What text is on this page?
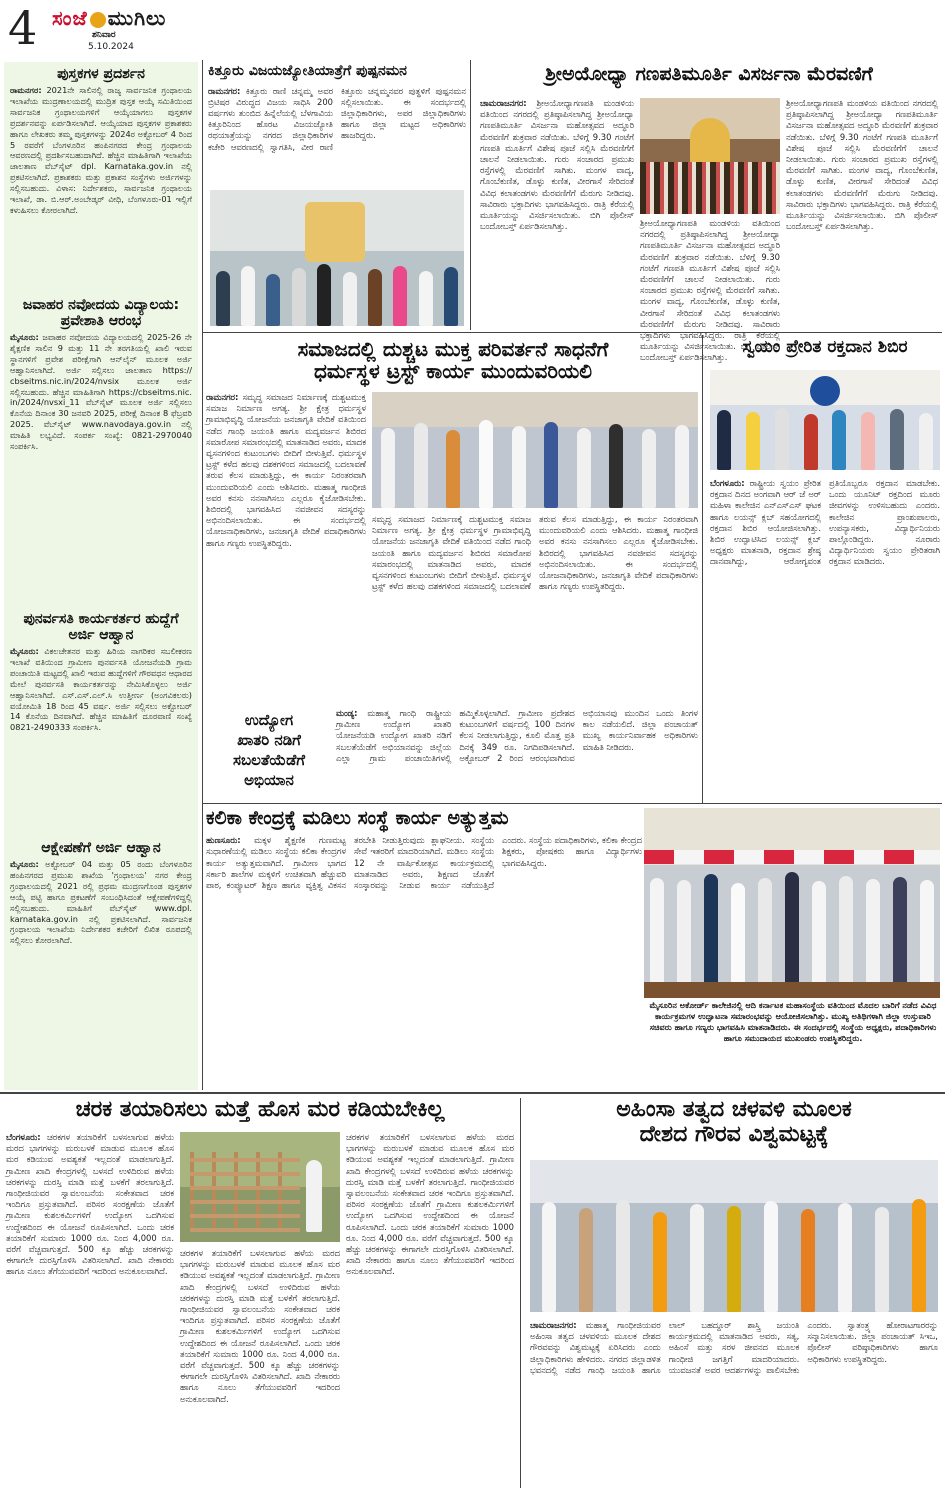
4 ಸಂಜೆ ಮುಗಿಲು
ಶನಿವಾರ
5.10.2024
ಪುಸ್ತಕಗಳ ಪ್ರದರ್ಶನ
ರಾಮನಗರ: 2021ನೇ ಸಾಲಿನಲ್ಲಿ ರಾಜ್ಯ ಸಾರ್ವಜನಿಕ ಗ್ರಂಥಾಲಯ ಇಲಾಖೆಯ ಮುದ್ರಣಾಲಯದಲ್ಲಿ ಮುದ್ರಿತ ಪುಸ್ತಕ ಆಯ್ಕೆ ಸಮಿತಿಯಿಂದ ಸಾರ್ವಜನಿಕ ಗ್ರಂಥಾಲಯಗಳಿಗೆ ಆಯ್ಕೆಯಾಗಲು ಪುಸ್ತಕಗಳ ಪ್ರದರ್ಶನವನ್ನು ಏರ್ಪಡಿಸಲಾಗಿದೆ. ಆಯ್ಕೆಯಾದ ಪುಸ್ತಕಗಳ ಪ್ರಕಾಶಕರು ಹಾಗೂ ಲೇಖಕರು ತಮ್ಮ ಪುಸ್ತಕಗಳನ್ನು 2024ರ ಅಕ್ಟೋಬರ್ 4 ರಿಂದ 5 ರವರೆಗೆ ಬೆಂಗಳೂರಿನ ಹಂಪಿನಗರದ ಕೇಂದ್ರ ಗ್ರಂಥಾಲಯ ಆವರಣದಲ್ಲಿ ಪ್ರದರ್ಶಿಸಬಹುದಾಗಿದೆ. ಹೆಚ್ಚಿನ ಮಾಹಿತಿಗಾಗಿ ಇಲಾಖೆಯ ಜಾಲತಾಣ ವೆಬ್‌ಸೈಟ್ dpl. Karnataka.gov.in ನಲ್ಲಿ ಪ್ರಕಟಿಸಲಾಗಿದೆ. ಪ್ರಕಾಶಕರು ಮತ್ತು ಪ್ರಕಾಶನ ಸಂಸ್ಥೆಗಳು ಅರ್ಜಿಗಳನ್ನು ಸಲ್ಲಿಸಬಹುದು. ವಿಳಾಸ: ನಿರ್ದೇಶಕರು, ಸಾರ್ವಜನಿಕ ಗ್ರಂಥಾಲಯ ಇಲಾಖೆ, ಡಾ. ಬಿ.ಆರ್.ಅಂಬೇಡ್ಕರ್ ವೀಧಿ, ಬೆಂಗಳೂರು-01 ಇಲ್ಲಿಗೆ ಕಳುಹಿಸಲು ಕೋರಲಾಗಿದೆ.
ಜವಾಹರ ನವೋದಯ ವಿದ್ಯಾಲಯ: ಪ್ರವೇಶಾತಿ ಆರಂಭ
ಮೈಸೂರು: ಜವಾಹರ ನವೋದಯ ವಿದ್ಯಾಲಯದಲ್ಲಿ 2025-26 ನೇ ಶೈಕ್ಷಣಿಕ ಸಾಲಿನ 9 ಮತ್ತು 11 ನೇ ತರಗತಿಯಲ್ಲಿ ಖಾಲಿ ಇರುವ ಸ್ಥಾನಗಳಿಗೆ ಪ್ರವೇಶ ಪರೀಕ್ಷೆಗಾಗಿ ಆನ್‌ಲೈನ್ ಮೂಲಕ ಅರ್ಜಿ ಆಹ್ವಾನಿಸಲಾಗಿದೆ. ಅರ್ಜಿ ಸಲ್ಲಿಸಲು ಜಾಲತಾಣ https:// cbseitms.nic.in/2024/nvsix ಮೂಲಕ ಅರ್ಜಿ ಸಲ್ಲಿಸಬಹುದು. ಹೆಚ್ಚಿನ ಮಾಹಿತಿಗಾಗಿ https://cbseitms.nic. in/2024/nvsxi_11 ವೆಬ್‌ಸೈಟ್ ಮೂಲಕ ಅರ್ಜಿ ಸಲ್ಲಿಸಲು ಕೊನೆಯ ದಿನಾಂಕ 30 ಜನವರಿ 2025, ಪರೀಕ್ಷೆ ದಿನಾಂಕ 8 ಫೆಬ್ರವರಿ 2025. ವೆಬ್‌ಸೈಟ್ www.navodaya.gov.in ನಲ್ಲಿ ಮಾಹಿತಿ ಲಭ್ಯವಿದೆ. ಸಂಪರ್ಕ ಸಂಖ್ಯೆ: 0821-2970040 ಸಂಪರ್ಕಿಸಿ.
ಪುನರ್ವಸತಿ ಕಾರ್ಯಕರ್ತರ ಹುದ್ದೆಗೆ ಅರ್ಜಿ ಆಹ್ವಾನ
ಮೈಸೂರು: ವಿಕಲಚೇತನರ ಮತ್ತು ಹಿರಿಯ ನಾಗರಿಕರ ಸಬಲೀಕರಣ ಇಲಾಖೆ ವತಿಯಿಂದ ಗ್ರಾಮೀಣ ಪುನರ್ವಸತಿ ಯೋಜನೆಯಡಿ ಗ್ರಾಮ ಪಂಚಾಯಿತಿ ಮಟ್ಟದಲ್ಲಿ ಖಾಲಿ ಇರುವ ಹುದ್ದೆಗಳಿಗೆ ಗೌರವಧನ ಆಧಾರದ ಮೇಲೆ ಪುನರ್ವಸತಿ ಕಾರ್ಯಕರ್ತರನ್ನು ನೇಮಿಸಿಕೊಳ್ಳಲು ಅರ್ಜಿ ಆಹ್ವಾನಿಸಲಾಗಿದೆ. ಎಸ್.ಎಸ್.ಎಲ್.ಸಿ ಉತ್ತೀರ್ಣ (ಅಂಗವಿಕಲರು) ವಯೋಮಿತಿ 18 ರಿಂದ 45 ವರ್ಷ. ಅರ್ಜಿ ಸಲ್ಲಿಸಲು ಅಕ್ಟೋಬರ್ 14 ಕೊನೆಯ ದಿನವಾಗಿದೆ. ಹೆಚ್ಚಿನ ಮಾಹಿತಿಗೆ ದೂರವಾಣಿ ಸಂಖ್ಯೆ 0821-2490333 ಸಂಪರ್ಕಿಸಿ.
ಆಕ್ಷೇಪಣೆಗೆ ಅರ್ಜಿ ಆಹ್ವಾನ
ಮೈಸೂರು: ಅಕ್ಟೋಬರ್ 04 ಮತ್ತು 05 ರಂದು ಬೆಂಗಳೂರಿನ ಹಂಪಿನಗರದ ಪ್ರಮುಖ ಶಾಖೆಯ 'ಗ್ರಂಥಾಲಯ' ನಗರ ಕೇಂದ್ರ ಗ್ರಂಥಾಲಯದಲ್ಲಿ 2021 ರಲ್ಲಿ ಪ್ರಥಮ ಮುದ್ರಣಗೊಂಡ ಪುಸ್ತಕಗಳ ಆಯ್ಕೆ ಪಟ್ಟಿ ಹಾಗೂ ಪ್ರಕಟಣೆಗೆ ಸಂಬಂಧಿಸಿದಂತೆ ಆಕ್ಷೇಪಣೆಗಳಿದ್ದಲ್ಲಿ ಸಲ್ಲಿಸಬಹುದು. ಮಾಹಿತಿಗೆ ವೆಬ್‌ಸೈಟ್ www.dpl. karnataka.gov.in ನಲ್ಲಿ ಪ್ರಕಟಿಸಲಾಗಿದೆ. ಸಾರ್ವಜನಿಕ ಗ್ರಂಥಾಲಯ ಇಲಾಖೆಯ ನಿರ್ದೇಶಕರ ಕಚೇರಿಗೆ ಲಿಖಿತ ರೂಪದಲ್ಲಿ ಸಲ್ಲಿಸಲು ಕೋರಲಾಗಿದೆ.
ಕಿತ್ತೂರು ವಿಜಯಜ್ಯೋತಿಯಾತ್ರೆಗೆ ಪುಷ್ಪನಮನ
ರಾಮನಗರ: ಕಿತ್ತೂರು ರಾಣಿ ಚನ್ನಮ್ಮ ಅವರ ಬ್ರಿಟಿಷರ ವಿರುದ್ಧದ ವಿಜಯ ಸಾಧಿಸಿ 200 ವರ್ಷಗಳು ತುಂಬಿದ ಹಿನ್ನೆಲೆಯಲ್ಲಿ ಬೆಳಗಾವಿಯ ಕಿತ್ತೂರಿನಿಂದ ಹೊರಟ ವಿಜಯಜ್ಯೋತಿ ರಥಯಾತ್ರೆಯನ್ನು ನಗರದ ಜಿಲ್ಲಾಧಿಕಾರಿಗಳ ಕಚೇರಿ ಆವರಣದಲ್ಲಿ ಸ್ವಾಗತಿಸಿ, ವೀರ ರಾಣಿ ಕಿತ್ತೂರು ಚನ್ನಮ್ಮನವರ ಪುತ್ಥಳಿಗೆ ಪುಷ್ಪನಮನ ಸಲ್ಲಿಸಲಾಯಿತು. ಈ ಸಂದರ್ಭದಲ್ಲಿ ಜಿಲ್ಲಾಧಿಕಾರಿಗಳು, ಅಪರ ಜಿಲ್ಲಾಧಿಕಾರಿಗಳು ಹಾಗೂ ಜಿಲ್ಲಾ ಮಟ್ಟದ ಅಧಿಕಾರಿಗಳು ಹಾಜರಿದ್ದರು.
ಶ್ರೀಅಯೋಧ್ಯಾ ಗಣಪತಿಮೂರ್ತಿ ವಿಸರ್ಜನಾ ಮೆರವಣಿಗೆ
ಚಾಮರಾಜನಗರ: ಶ್ರೀಅಯೋಧ್ಯಾಗಣಪತಿ ಮಂಡಳಿಯ ವತಿಯಿಂದ ನಗರದಲ್ಲಿ ಪ್ರತಿಷ್ಠಾಪಿಸಲಾಗಿದ್ದ ಶ್ರೀಅಯೋಧ್ಯಾ ಗಣಪತಿಮೂರ್ತಿ ವಿಸರ್ಜನಾ ಮಹೋತ್ಸವದ ಅದ್ಧೂರಿ ಮೆರವಣಿಗೆ ಶುಕ್ರವಾರ ನಡೆಯಿತು. ಬೆಳಿಗ್ಗೆ 9.30 ಗಂಟೆಗೆ ಗಣಪತಿ ಮೂರ್ತಿಗೆ ವಿಶೇಷ ಪೂಜೆ ಸಲ್ಲಿಸಿ ಮೆರವಣಿಗೆಗೆ ಚಾಲನೆ ನೀಡಲಾಯಿತು. ಗುರು ಸಂಚಾರದ ಪ್ರಮುಖ ರಸ್ತೆಗಳಲ್ಲಿ ಮೆರವಣಿಗೆ ಸಾಗಿತು. ಮಂಗಳ ವಾದ್ಯ, ಗೊಂಬೆಕುಣಿತ, ಡೊಳ್ಳು ಕುಣಿತ, ವೀರಗಾಸೆ ಸೇರಿದಂತೆ ವಿವಿಧ ಕಲಾತಂಡಗಳು ಮೆರವಣಿಗೆಗೆ ಮೆರುಗು ನೀಡಿದವು. ಸಾವಿರಾರು ಭಕ್ತಾದಿಗಳು ಭಾಗವಹಿಸಿದ್ದರು. ರಾತ್ರಿ ಕೆರೆಯಲ್ಲಿ ಮೂರ್ತಿಯನ್ನು ವಿಸರ್ಜಿಸಲಾಯಿತು. ಬಿಗಿ ಪೊಲೀಸ್ ಬಂದೋಬಸ್ತ್ ಏರ್ಪಡಿಸಲಾಗಿತ್ತು.
ಶ್ರೀಅಯೋಧ್ಯಾಗಣಪತಿ ಮಂಡಳಿಯ ವತಿಯಿಂದ ನಗರದಲ್ಲಿ ಪ್ರತಿಷ್ಠಾಪಿಸಲಾಗಿದ್ದ ಶ್ರೀಅಯೋಧ್ಯಾ ಗಣಪತಿಮೂರ್ತಿ ವಿಸರ್ಜನಾ ಮಹೋತ್ಸವದ ಅದ್ಧೂರಿ ಮೆರವಣಿಗೆ ಶುಕ್ರವಾರ ನಡೆಯಿತು. ಬೆಳಿಗ್ಗೆ 9.30 ಗಂಟೆಗೆ ಗಣಪತಿ ಮೂರ್ತಿಗೆ ವಿಶೇಷ ಪೂಜೆ ಸಲ್ಲಿಸಿ ಮೆರವಣಿಗೆಗೆ ಚಾಲನೆ ನೀಡಲಾಯಿತು. ಗುರು ಸಂಚಾರದ ಪ್ರಮುಖ ರಸ್ತೆಗಳಲ್ಲಿ ಮೆರವಣಿಗೆ ಸಾಗಿತು. ಮಂಗಳ ವಾದ್ಯ, ಗೊಂಬೆಕುಣಿತ, ಡೊಳ್ಳು ಕುಣಿತ, ವೀರಗಾಸೆ ಸೇರಿದಂತೆ ವಿವಿಧ ಕಲಾತಂಡಗಳು ಮೆರವಣಿಗೆಗೆ ಮೆರುಗು ನೀಡಿದವು. ಸಾವಿರಾರು ಭಕ್ತಾದಿಗಳು ಭಾಗವಹಿಸಿದ್ದರು. ರಾತ್ರಿ ಕೆರೆಯಲ್ಲಿ ಮೂರ್ತಿಯನ್ನು ವಿಸರ್ಜಿಸಲಾಯಿತು. ಬಿಗಿ ಪೊಲೀಸ್ ಬಂದೋಬಸ್ತ್ ಏರ್ಪಡಿಸಲಾಗಿತ್ತು.
ಶ್ರೀಅಯೋಧ್ಯಾಗಣಪತಿ ಮಂಡಳಿಯ ವತಿಯಿಂದ ನಗರದಲ್ಲಿ ಪ್ರತಿಷ್ಠಾಪಿಸಲಾಗಿದ್ದ ಶ್ರೀಅಯೋಧ್ಯಾ ಗಣಪತಿಮೂರ್ತಿ ವಿಸರ್ಜನಾ ಮಹೋತ್ಸವದ ಅದ್ಧೂರಿ ಮೆರವಣಿಗೆ ಶುಕ್ರವಾರ ನಡೆಯಿತು. ಬೆಳಿಗ್ಗೆ 9.30 ಗಂಟೆಗೆ ಗಣಪತಿ ಮೂರ್ತಿಗೆ ವಿಶೇಷ ಪೂಜೆ ಸಲ್ಲಿಸಿ ಮೆರವಣಿಗೆಗೆ ಚಾಲನೆ ನೀಡಲಾಯಿತು. ಗುರು ಸಂಚಾರದ ಪ್ರಮುಖ ರಸ್ತೆಗಳಲ್ಲಿ ಮೆರವಣಿಗೆ ಸಾಗಿತು. ಮಂಗಳ ವಾದ್ಯ, ಗೊಂಬೆಕುಣಿತ, ಡೊಳ್ಳು ಕುಣಿತ, ವೀರಗಾಸೆ ಸೇರಿದಂತೆ ವಿವಿಧ ಕಲಾತಂಡಗಳು ಮೆರವಣಿಗೆಗೆ ಮೆರುಗು ನೀಡಿದವು. ಸಾವಿರಾರು ಭಕ್ತಾದಿಗಳು ಭಾಗವಹಿಸಿದ್ದರು. ರಾತ್ರಿ ಕೆರೆಯಲ್ಲಿ ಮೂರ್ತಿಯನ್ನು ವಿಸರ್ಜಿಸಲಾಯಿತು. ಬಿಗಿ ಪೊಲೀಸ್ ಬಂದೋಬಸ್ತ್ ಏರ್ಪಡಿಸಲಾಗಿತ್ತು.
ಸಮಾಜದಲ್ಲಿ ದುಶ್ಚಟ ಮುಕ್ತ ಪರಿವರ್ತನೆ ಸಾಧನೆಗೆ
ಧರ್ಮಸ್ಥಳ ಟ್ರಸ್ಟ್ ಕಾರ್ಯ ಮುಂದುವರಿಯಲಿ
ರಾಮನಗರ: ಸಮೃದ್ಧ ಸಮಾಜದ ನಿರ್ಮಾಣಕ್ಕೆ ದುಶ್ಚಟಮುಕ್ತ ಸಮಾಜ ನಿರ್ಮಾಣ ಅಗತ್ಯ. ಶ್ರೀ ಕ್ಷೇತ್ರ ಧರ್ಮಸ್ಥಳ ಗ್ರಾಮಾಭಿವೃದ್ಧಿ ಯೋಜನೆಯ ಜನಜಾಗೃತಿ ವೇದಿಕೆ ವತಿಯಿಂದ ನಡೆದ ಗಾಂಧಿ ಜಯಂತಿ ಹಾಗೂ ಮದ್ಯವರ್ಜನ ಶಿಬಿರದ ಸಮಾರೋಪ ಸಮಾರಂಭದಲ್ಲಿ ಮಾತನಾಡಿದ ಅವರು, ಮಾದಕ ವ್ಯಸನಗಳಿಂದ ಕುಟುಂಬಗಳು ಬೀದಿಗೆ ಬೀಳುತ್ತಿವೆ. ಧರ್ಮಸ್ಥಳ ಟ್ರಸ್ಟ್ ಕಳೆದ ಹಲವು ದಶಕಗಳಿಂದ ಸಮಾಜದಲ್ಲಿ ಬದಲಾವಣೆ ತರುವ ಕೆಲಸ ಮಾಡುತ್ತಿದ್ದು, ಈ ಕಾರ್ಯ ನಿರಂತರವಾಗಿ ಮುಂದುವರಿಯಲಿ ಎಂದು ಆಶಿಸಿದರು. ಮಹಾತ್ಮ ಗಾಂಧೀಜಿ ಅವರ ಕನಸು ನನಸಾಗಿಸಲು ಎಲ್ಲರೂ ಕೈಜೋಡಿಸಬೇಕು. ಶಿಬಿರದಲ್ಲಿ ಭಾಗವಹಿಸಿದ ನವಜೀವನ ಸದಸ್ಯರನ್ನು ಅಭಿನಂದಿಸಲಾಯಿತು. ಈ ಸಂದರ್ಭದಲ್ಲಿ ಯೋಜನಾಧಿಕಾರಿಗಳು, ಜನಜಾಗೃತಿ ವೇದಿಕೆ ಪದಾಧಿಕಾರಿಗಳು ಹಾಗೂ ಗಣ್ಯರು ಉಪಸ್ಥಿತರಿದ್ದರು.
ಸಮೃದ್ಧ ಸಮಾಜದ ನಿರ್ಮಾಣಕ್ಕೆ ದುಶ್ಚಟಮುಕ್ತ ಸಮಾಜ ನಿರ್ಮಾಣ ಅಗತ್ಯ. ಶ್ರೀ ಕ್ಷೇತ್ರ ಧರ್ಮಸ್ಥಳ ಗ್ರಾಮಾಭಿವೃದ್ಧಿ ಯೋಜನೆಯ ಜನಜಾಗೃತಿ ವೇದಿಕೆ ವತಿಯಿಂದ ನಡೆದ ಗಾಂಧಿ ಜಯಂತಿ ಹಾಗೂ ಮದ್ಯವರ್ಜನ ಶಿಬಿರದ ಸಮಾರೋಪ ಸಮಾರಂಭದಲ್ಲಿ ಮಾತನಾಡಿದ ಅವರು, ಮಾದಕ ವ್ಯಸನಗಳಿಂದ ಕುಟುಂಬಗಳು ಬೀದಿಗೆ ಬೀಳುತ್ತಿವೆ. ಧರ್ಮಸ್ಥಳ ಟ್ರಸ್ಟ್ ಕಳೆದ ಹಲವು ದಶಕಗಳಿಂದ ಸಮಾಜದಲ್ಲಿ ಬದಲಾವಣೆ ತರುವ ಕೆಲಸ ಮಾಡುತ್ತಿದ್ದು, ಈ ಕಾರ್ಯ ನಿರಂತರವಾಗಿ ಮುಂದುವರಿಯಲಿ ಎಂದು ಆಶಿಸಿದರು. ಮಹಾತ್ಮ ಗಾಂಧೀಜಿ ಅವರ ಕನಸು ನನಸಾಗಿಸಲು ಎಲ್ಲರೂ ಕೈಜೋಡಿಸಬೇಕು. ಶಿಬಿರದಲ್ಲಿ ಭಾಗವಹಿಸಿದ ನವಜೀವನ ಸದಸ್ಯರನ್ನು ಅಭಿನಂದಿಸಲಾಯಿತು. ಈ ಸಂದರ್ಭದಲ್ಲಿ ಯೋಜನಾಧಿಕಾರಿಗಳು, ಜನಜಾಗೃತಿ ವೇದಿಕೆ ಪದಾಧಿಕಾರಿಗಳು ಹಾಗೂ ಗಣ್ಯರು ಉಪಸ್ಥಿತರಿದ್ದರು.
ಸ್ವಯಂ ಪ್ರೇರಿತ ರಕ್ತದಾನ ಶಿಬಿರ
ಬೆಂಗಳೂರು: ರಾಷ್ಟ್ರೀಯ ಸ್ವಯಂ ಪ್ರೇರಿತ ರಕ್ತದಾನ ದಿನದ ಅಂಗವಾಗಿ ಆರ್ ಜೆ ಅರ್ ಮಹಿಳಾ ಕಾಲೇಜಿನ ಎನ್‌ಎಸ್‌ಎಸ್ ಘಟಕ ಹಾಗೂ ಲಯನ್ಸ್ ಕ್ಲಬ್ ಸಹಯೋಗದಲ್ಲಿ ರಕ್ತದಾನ ಶಿಬಿರ ಆಯೋಜಿಸಲಾಗಿತ್ತು. ಶಿಬಿರ ಉದ್ಘಾಟಿಸಿದ ಲಯನ್ಸ್ ಕ್ಲಬ್ ಅಧ್ಯಕ್ಷರು ಮಾತನಾಡಿ, ರಕ್ತದಾನ ಶ್ರೇಷ್ಠ ದಾನವಾಗಿದ್ದು, ಆರೋಗ್ಯವಂತ ಪ್ರತಿಯೊಬ್ಬರೂ ರಕ್ತದಾನ ಮಾಡಬೇಕು. ಒಂದು ಯೂನಿಟ್ ರಕ್ತದಿಂದ ಮೂರು ಜೀವಗಳನ್ನು ಉಳಿಸಬಹುದು ಎಂದರು. ಕಾಲೇಜಿನ ಪ್ರಾಂಶುಪಾಲರು, ಉಪನ್ಯಾಸಕರು, ವಿದ್ಯಾರ್ಥಿನಿಯರು ಪಾಲ್ಗೊಂಡಿದ್ದರು. ನೂರಾರು ವಿದ್ಯಾರ್ಥಿನಿಯರು ಸ್ವಯಂ ಪ್ರೇರಿತರಾಗಿ ರಕ್ತದಾನ ಮಾಡಿದರು.
ಉದ್ಯೋಗ
ಖಾತರಿ ನಡಿಗೆ
ಸಬಲತೆಯೆಡೆಗೆ
ಅಭಿಯಾನ
ಮಂಡ್ಯ: ಮಹಾತ್ಮ ಗಾಂಧಿ ರಾಷ್ಟ್ರೀಯ ಗ್ರಾಮೀಣ ಉದ್ಯೋಗ ಖಾತರಿ ಯೋಜನೆಯಡಿ ಉದ್ಯೋಗ ಖಾತರಿ ನಡಿಗೆ ಸಬಲತೆಯೆಡೆಗೆ ಅಭಿಯಾನವನ್ನು ಜಿಲ್ಲೆಯ ಎಲ್ಲಾ ಗ್ರಾಮ ಪಂಚಾಯಿತಿಗಳಲ್ಲಿ ಹಮ್ಮಿಕೊಳ್ಳಲಾಗಿದೆ. ಗ್ರಾಮೀಣ ಪ್ರದೇಶದ ಕುಟುಂಬಗಳಿಗೆ ವರ್ಷದಲ್ಲಿ 100 ದಿನಗಳ ಕೆಲಸ ನೀಡಲಾಗುತ್ತಿದ್ದು, ಕೂಲಿ ಮೊತ್ತ ಪ್ರತಿ ದಿನಕ್ಕೆ 349 ರೂ. ನಿಗದಿಪಡಿಸಲಾಗಿದೆ. ಅಕ್ಟೋಬರ್ 2 ರಿಂದ ಆರಂಭವಾಗಿರುವ ಅಭಿಯಾನವು ಮುಂದಿನ ಒಂದು ತಿಂಗಳ ಕಾಲ ನಡೆಯಲಿದೆ. ಜಿಲ್ಲಾ ಪಂಚಾಯತ್ ಮುಖ್ಯ ಕಾರ್ಯನಿರ್ವಾಹಕ ಅಧಿಕಾರಿಗಳು ಮಾಹಿತಿ ನೀಡಿದರು.
ಕಲಿಕಾ ಕೇಂದ್ರಕ್ಕೆ ಮಡಿಲು ಸಂಸ್ಥೆ ಕಾರ್ಯ ಅತ್ಯುತ್ತಮ
ಹುಣಸೂರು: ಮಕ್ಕಳ ಶೈಕ್ಷಣಿಕ ಗುಣಮಟ್ಟ ಸುಧಾರಣೆಯಲ್ಲಿ ಮಡಿಲು ಸಂಸ್ಥೆಯ ಕಲಿಕಾ ಕೇಂದ್ರಗಳ ಕಾರ್ಯ ಅತ್ಯುತ್ತಮವಾಗಿದೆ. ಗ್ರಾಮೀಣ ಭಾಗದ ಸರ್ಕಾರಿ ಶಾಲೆಗಳ ಮಕ್ಕಳಿಗೆ ಉಚಿತವಾಗಿ ಹೆಚ್ಚುವರಿ ಪಾಠ, ಕಂಪ್ಯೂಟರ್ ಶಿಕ್ಷಣ ಹಾಗೂ ವ್ಯಕ್ತಿತ್ವ ವಿಕಸನ ತರಬೇತಿ ನೀಡುತ್ತಿರುವುದು ಶ್ಲಾಘನೀಯ. ಸಂಸ್ಥೆಯ ಸೇವೆ ಇತರರಿಗೆ ಮಾದರಿಯಾಗಿದೆ. ಮಡಿಲು ಸಂಸ್ಥೆಯ 12 ನೇ ವಾರ್ಷಿಕೋತ್ಸವ ಕಾರ್ಯಕ್ರಮದಲ್ಲಿ ಮಾತನಾಡಿದ ಅವರು, ಶಿಕ್ಷಣದ ಜೊತೆಗೆ ಸಂಸ್ಕಾರವನ್ನು ನೀಡುವ ಕಾರ್ಯ ನಡೆಯುತ್ತಿದೆ ಎಂದರು. ಸಂಸ್ಥೆಯ ಪದಾಧಿಕಾರಿಗಳು, ಕಲಿಕಾ ಕೇಂದ್ರದ ಶಿಕ್ಷಕರು, ಪೋಷಕರು ಹಾಗೂ ವಿದ್ಯಾರ್ಥಿಗಳು ಭಾಗವಹಿಸಿದ್ದರು.
ಮೈಸೂರಿನ ಅಕೋರ್ಡ್‌ ಕಾಲೇಜಿನಲ್ಲಿ ಆದಿ ಕರ್ನಾಟಕ ಮಹಾಸಂಸ್ಥೆಯ ವತಿಯಿಂದ ಮೊದಲ ಬಾರಿಗೆ ನಡೆದ ವಿವಿಧ ಕಾರ್ಯಕ್ರಮಗಳ ಉದ್ಘಾಟನಾ ಸಮಾರಂಭವನ್ನು ಆಯೋಜಿಸಲಾಗಿತ್ತು. ಮುಖ್ಯ ಅತಿಥಿಗಳಾಗಿ ಜಿಲ್ಲಾ ಉಸ್ತುವಾರಿ ಸಚಿವರು ಹಾಗೂ ಗಣ್ಯರು ಭಾಗವಹಿಸಿ ಮಾತನಾಡಿದರು. ಈ ಸಂದರ್ಭದಲ್ಲಿ ಸಂಸ್ಥೆಯ ಅಧ್ಯಕ್ಷರು, ಪದಾಧಿಕಾರಿಗಳು ಹಾಗೂ ಸಮುದಾಯದ ಮುಖಂಡರು ಉಪಸ್ಥಿತರಿದ್ದರು.
ಚರಕ ತಯಾರಿಸಲು ಮತ್ತೆ ಹೊಸ ಮರ ಕಡಿಯಬೇಕಿಲ್ಲ
ಬೆಂಗಳೂರು: ಚರಕಗಳ ತಯಾರಿಕೆಗೆ ಬಳಸಲಾಗುವ ಹಳೆಯ ಮರದ ಭಾಗಗಳನ್ನು ಮರುಬಳಕೆ ಮಾಡುವ ಮೂಲಕ ಹೊಸ ಮರ ಕಡಿಯುವ ಅವಶ್ಯಕತೆ ಇಲ್ಲದಂತೆ ಮಾಡಲಾಗುತ್ತಿದೆ. ಗ್ರಾಮೀಣ ಖಾದಿ ಕೇಂದ್ರಗಳಲ್ಲಿ ಬಳಸದೆ ಉಳಿದಿರುವ ಹಳೆಯ ಚರಕಗಳನ್ನು ದುರಸ್ತಿ ಮಾಡಿ ಮತ್ತೆ ಬಳಕೆಗೆ ತರಲಾಗುತ್ತಿದೆ. ಗಾಂಧೀಜಿಯವರ ಸ್ವಾವಲಂಬನೆಯ ಸಂಕೇತವಾದ ಚರಕ ಇಂದಿಗೂ ಪ್ರಸ್ತುತವಾಗಿದೆ. ಪರಿಸರ ಸಂರಕ್ಷಣೆಯ ಜೊತೆಗೆ ಗ್ರಾಮೀಣ ಕುಶಲಕರ್ಮಿಗಳಿಗೆ ಉದ್ಯೋಗ ಒದಗಿಸುವ ಉದ್ದೇಶದಿಂದ ಈ ಯೋಜನೆ ರೂಪಿಸಲಾಗಿದೆ. ಒಂದು ಚರಕ ತಯಾರಿಕೆಗೆ ಸುಮಾರು 1000 ರೂ. ನಿಂದ 4,000 ರೂ. ವರೆಗೆ ವೆಚ್ಚವಾಗುತ್ತದೆ. 500 ಕ್ಕೂ ಹೆಚ್ಚು ಚರಕಗಳನ್ನು ಈಗಾಗಲೇ ದುರಸ್ತಿಗೊಳಿಸಿ ವಿತರಿಸಲಾಗಿದೆ. ಖಾದಿ ನೇಕಾರರು ಹಾಗೂ ನೂಲು ತೆಗೆಯುವವರಿಗೆ ಇದರಿಂದ ಅನುಕೂಲವಾಗಿದೆ.
ಚರಕಗಳ ತಯಾರಿಕೆಗೆ ಬಳಸಲಾಗುವ ಹಳೆಯ ಮರದ ಭಾಗಗಳನ್ನು ಮರುಬಳಕೆ ಮಾಡುವ ಮೂಲಕ ಹೊಸ ಮರ ಕಡಿಯುವ ಅವಶ್ಯಕತೆ ಇಲ್ಲದಂತೆ ಮಾಡಲಾಗುತ್ತಿದೆ. ಗ್ರಾಮೀಣ ಖಾದಿ ಕೇಂದ್ರಗಳಲ್ಲಿ ಬಳಸದೆ ಉಳಿದಿರುವ ಹಳೆಯ ಚರಕಗಳನ್ನು ದುರಸ್ತಿ ಮಾಡಿ ಮತ್ತೆ ಬಳಕೆಗೆ ತರಲಾಗುತ್ತಿದೆ. ಗಾಂಧೀಜಿಯವರ ಸ್ವಾವಲಂಬನೆಯ ಸಂಕೇತವಾದ ಚರಕ ಇಂದಿಗೂ ಪ್ರಸ್ತುತವಾಗಿದೆ. ಪರಿಸರ ಸಂರಕ್ಷಣೆಯ ಜೊತೆಗೆ ಗ್ರಾಮೀಣ ಕುಶಲಕರ್ಮಿಗಳಿಗೆ ಉದ್ಯೋಗ ಒದಗಿಸುವ ಉದ್ದೇಶದಿಂದ ಈ ಯೋಜನೆ ರೂಪಿಸಲಾಗಿದೆ. ಒಂದು ಚರಕ ತಯಾರಿಕೆಗೆ ಸುಮಾರು 1000 ರೂ. ನಿಂದ 4,000 ರೂ. ವರೆಗೆ ವೆಚ್ಚವಾಗುತ್ತದೆ. 500 ಕ್ಕೂ ಹೆಚ್ಚು ಚರಕಗಳನ್ನು ಈಗಾಗಲೇ ದುರಸ್ತಿಗೊಳಿಸಿ ವಿತರಿಸಲಾಗಿದೆ. ಖಾದಿ ನೇಕಾರರು ಹಾಗೂ ನೂಲು ತೆಗೆಯುವವರಿಗೆ ಇದರಿಂದ ಅನುಕೂಲವಾಗಿದೆ.
ಚರಕಗಳ ತಯಾರಿಕೆಗೆ ಬಳಸಲಾಗುವ ಹಳೆಯ ಮರದ ಭಾಗಗಳನ್ನು ಮರುಬಳಕೆ ಮಾಡುವ ಮೂಲಕ ಹೊಸ ಮರ ಕಡಿಯುವ ಅವಶ್ಯಕತೆ ಇಲ್ಲದಂತೆ ಮಾಡಲಾಗುತ್ತಿದೆ. ಗ್ರಾಮೀಣ ಖಾದಿ ಕೇಂದ್ರಗಳಲ್ಲಿ ಬಳಸದೆ ಉಳಿದಿರುವ ಹಳೆಯ ಚರಕಗಳನ್ನು ದುರಸ್ತಿ ಮಾಡಿ ಮತ್ತೆ ಬಳಕೆಗೆ ತರಲಾಗುತ್ತಿದೆ. ಗಾಂಧೀಜಿಯವರ ಸ್ವಾವಲಂಬನೆಯ ಸಂಕೇತವಾದ ಚರಕ ಇಂದಿಗೂ ಪ್ರಸ್ತುತವಾಗಿದೆ. ಪರಿಸರ ಸಂರಕ್ಷಣೆಯ ಜೊತೆಗೆ ಗ್ರಾಮೀಣ ಕುಶಲಕರ್ಮಿಗಳಿಗೆ ಉದ್ಯೋಗ ಒದಗಿಸುವ ಉದ್ದೇಶದಿಂದ ಈ ಯೋಜನೆ ರೂಪಿಸಲಾಗಿದೆ. ಒಂದು ಚರಕ ತಯಾರಿಕೆಗೆ ಸುಮಾರು 1000 ರೂ. ನಿಂದ 4,000 ರೂ. ವರೆಗೆ ವೆಚ್ಚವಾಗುತ್ತದೆ. 500 ಕ್ಕೂ ಹೆಚ್ಚು ಚರಕಗಳನ್ನು ಈಗಾಗಲೇ ದುರಸ್ತಿಗೊಳಿಸಿ ವಿತರಿಸಲಾಗಿದೆ. ಖಾದಿ ನೇಕಾರರು ಹಾಗೂ ನೂಲು ತೆಗೆಯುವವರಿಗೆ ಇದರಿಂದ ಅನುಕೂಲವಾಗಿದೆ.
ಅಹಿಂಸಾ ತತ್ವದ ಚಳವಳಿ ಮೂಲಕ
ದೇಶದ ಗೌರವ ವಿಶ್ವಮಟ್ಟಕ್ಕೆ
ಚಾಮರಾಜನಗರ: ಮಹಾತ್ಮ ಗಾಂಧೀಜಿಯವರ ಅಹಿಂಸಾ ತತ್ವದ ಚಳವಳಿಯ ಮೂಲಕ ದೇಶದ ಗೌರವವನ್ನು ವಿಶ್ವಮಟ್ಟಕ್ಕೆ ಏರಿಸಿದರು ಎಂದು ಜಿಲ್ಲಾಧಿಕಾರಿಗಳು ಹೇಳಿದರು. ನಗರದ ಜಿಲ್ಲಾಡಳಿತ ಭವನದಲ್ಲಿ ನಡೆದ ಗಾಂಧಿ ಜಯಂತಿ ಹಾಗೂ ಲಾಲ್ ಬಹದ್ದೂರ್ ಶಾಸ್ತ್ರಿ ಜಯಂತಿ ಕಾರ್ಯಕ್ರಮದಲ್ಲಿ ಮಾತನಾಡಿದ ಅವರು, ಸತ್ಯ, ಅಹಿಂಸೆ ಮತ್ತು ಸರಳ ಜೀವನದ ಮೂಲಕ ಗಾಂಧೀಜಿ ಜಗತ್ತಿಗೆ ಮಾದರಿಯಾದರು. ಯುವಜನತೆ ಅವರ ಆದರ್ಶಗಳನ್ನು ಪಾಲಿಸಬೇಕು ಎಂದರು. ಸ್ವಾತಂತ್ರ್ಯ ಹೋರಾಟಗಾರರನ್ನು ಸನ್ಮಾನಿಸಲಾಯಿತು. ಜಿಲ್ಲಾ ಪಂಚಾಯತ್ ಸಿಇಒ, ಪೊಲೀಸ್ ವರಿಷ್ಠಾಧಿಕಾರಿಗಳು ಹಾಗೂ ಅಧಿಕಾರಿಗಳು ಉಪಸ್ಥಿತರಿದ್ದರು.
